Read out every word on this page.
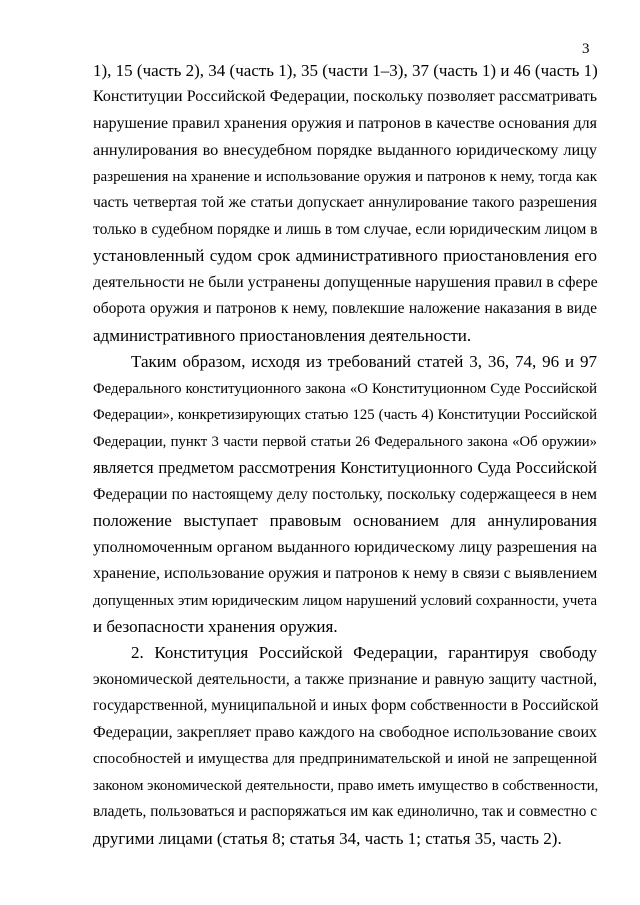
3
1), 15 (часть 2), 34 (часть 1), 35 (части 1–3), 37 (часть 1) и 46 (часть 1)
Конституции Российской Федерации, поскольку позволяет рассматривать
нарушение правил хранения оружия и патронов в качестве основания для
аннулирования во внесудебном порядке выданного юридическому лицу
разрешения на хранение и использование оружия и патронов к нему, тогда как
часть четвертая той же статьи допускает аннулирование такого разрешения
только в судебном порядке и лишь в том случае, если юридическим лицом в
установленный судом срок административного приостановления его
деятельности не были устранены допущенные нарушения правил в сфере
оборота оружия и патронов к нему, повлекшие наложение наказания в виде
административного приостановления деятельности.
Таким образом, исходя из требований статей 3, 36, 74, 96 и 97
Федерального конституционного закона «О Конституционном Суде Российской
Федерации», конкретизирующих статью 125 (часть 4) Конституции Российской
Федерации, пункт 3 части первой статьи 26 Федерального закона «Об оружии»
является предметом рассмотрения Конституционного Суда Российской
Федерации по настоящему делу постольку, поскольку содержащееся в нем
положение выступает правовым основанием для аннулирования
уполномоченным органом выданного юридическому лицу разрешения на
хранение, использование оружия и патронов к нему в связи с выявлением
допущенных этим юридическим лицом нарушений условий сохранности, учета
и безопасности хранения оружия.
2. Конституция Российской Федерации, гарантируя свободу
экономической деятельности, а также признание и равную защиту частной,
государственной, муниципальной и иных форм собственности в Российской
Федерации, закрепляет право каждого на свободное использование своих
способностей и имущества для предпринимательской и иной не запрещенной
законом экономической деятельности, право иметь имущество в собственности,
владеть, пользоваться и распоряжаться им как единолично, так и совместно с
другими лицами (статья 8; статья 34, часть 1; статья 35, часть 2).
